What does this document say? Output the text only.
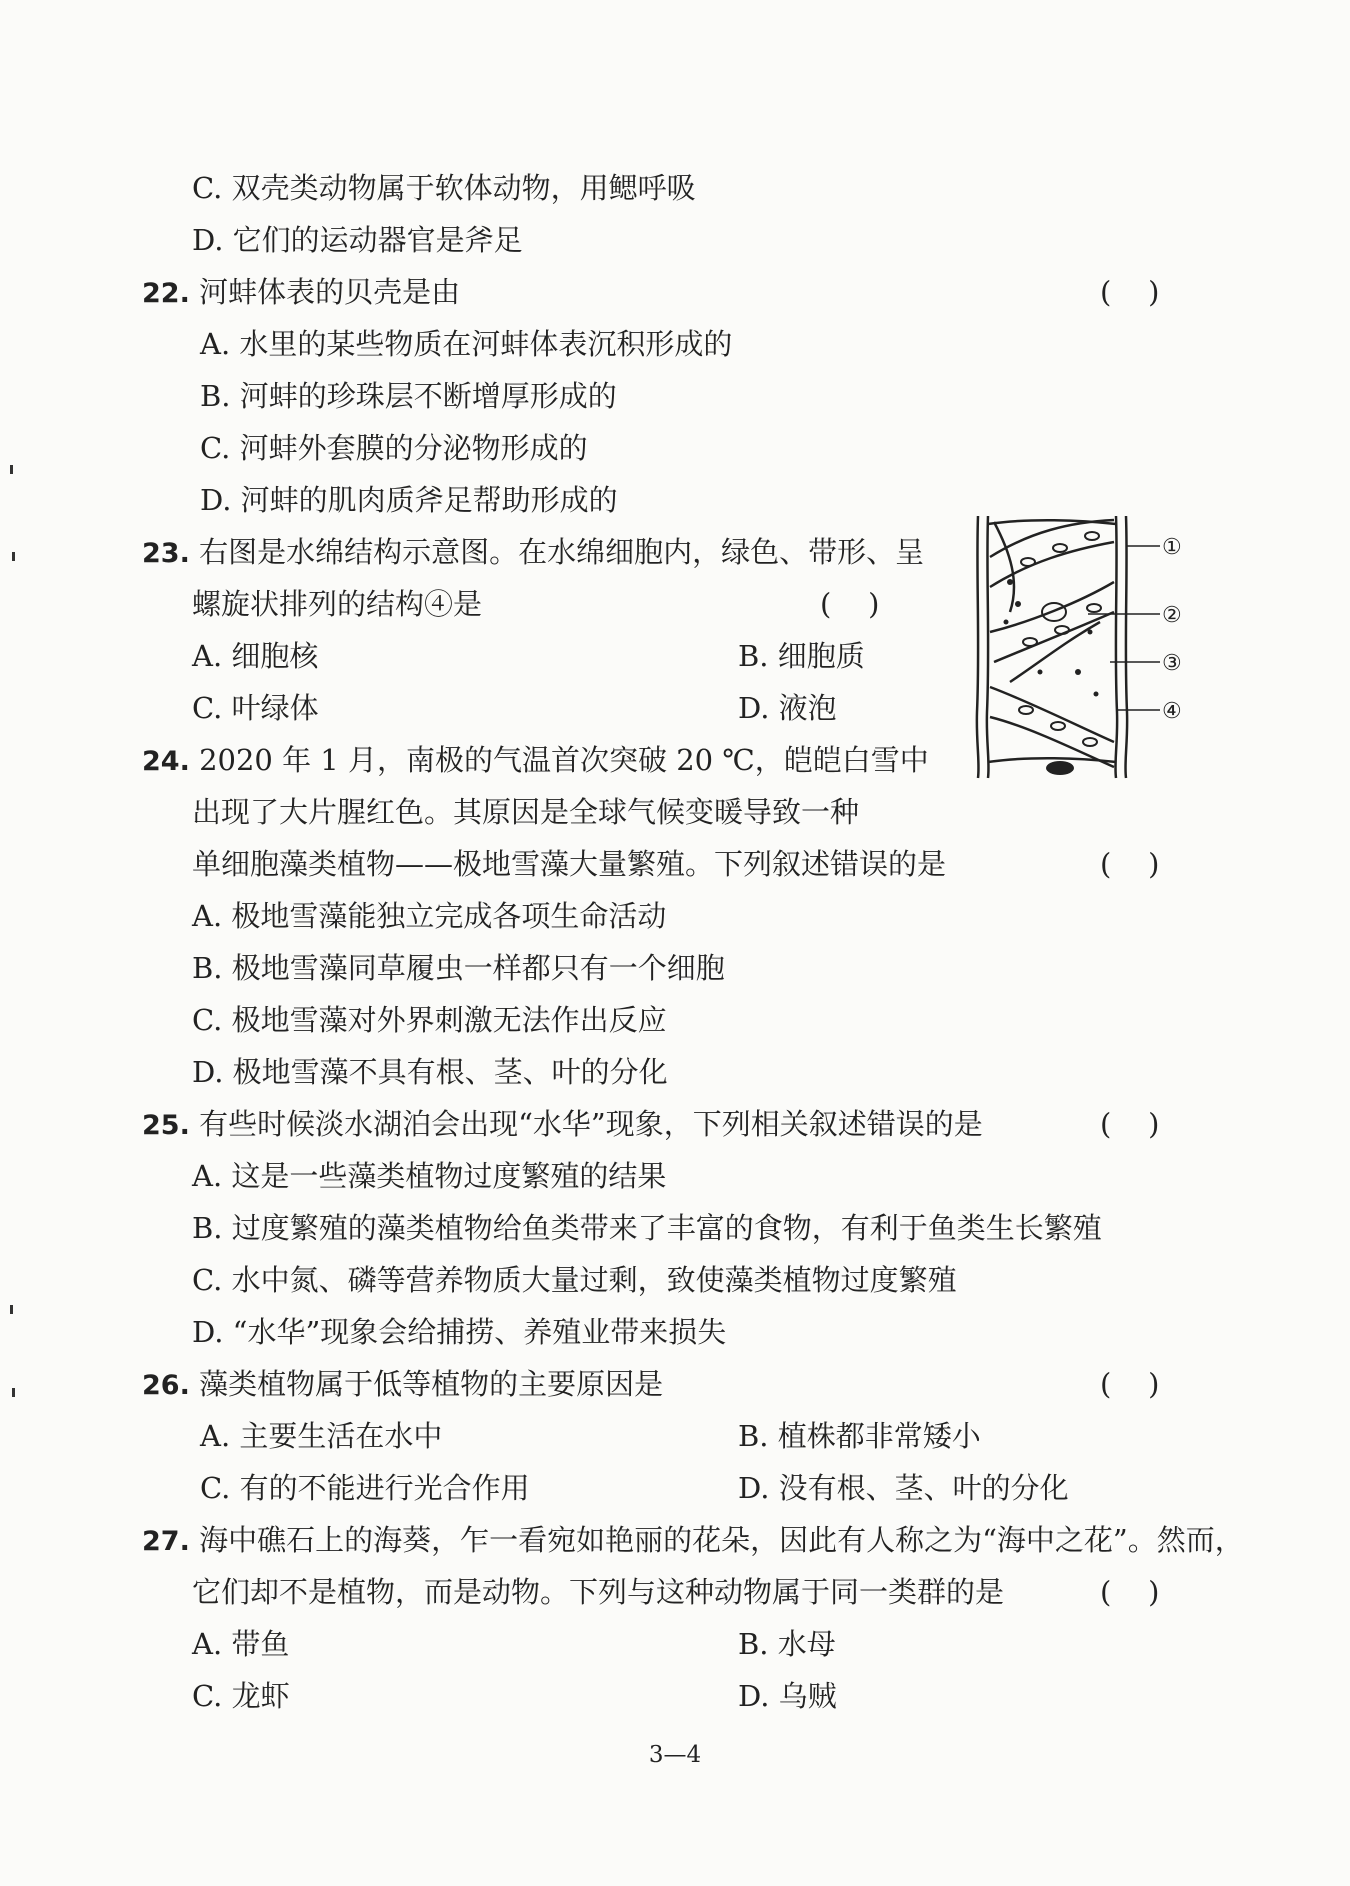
C. 双壳类动物属于软体动物，用鳃呼吸
D. 它们的运动器官是斧足
22. 河蚌体表的贝壳是由	(    )
A. 水里的某些物质在河蚌体表沉积形成的
B. 河蚌的珍珠层不断增厚形成的
C. 河蚌外套膜的分泌物形成的
D. 河蚌的肌肉质斧足帮助形成的
23. 右图是水绵结构示意图。在水绵细胞内，绿色、带形、呈
螺旋状排列的结构④是	(    )
A. 细胞核	B. 细胞质
C. 叶绿体	D. 液泡
①
②
③
④
24. 2020 年 1 月，南极的气温首次突破 20 ℃，皑皑白雪中
出现了大片腥红色。其原因是全球气候变暖导致一种
单细胞藻类植物——极地雪藻大量繁殖。下列叙述错误的是	(    )
A. 极地雪藻能独立完成各项生命活动
B. 极地雪藻同草履虫一样都只有一个细胞
C. 极地雪藻对外界刺激无法作出反应
D. 极地雪藻不具有根、茎、叶的分化
25. 有些时候淡水湖泊会出现“水华”现象，下列相关叙述错误的是	(    )
A. 这是一些藻类植物过度繁殖的结果
B. 过度繁殖的藻类植物给鱼类带来了丰富的食物，有利于鱼类生长繁殖
C. 水中氮、磷等营养物质大量过剩，致使藻类植物过度繁殖
D. “水华”现象会给捕捞、养殖业带来损失
26. 藻类植物属于低等植物的主要原因是	(    )
A. 主要生活在水中	B. 植株都非常矮小
C. 有的不能进行光合作用	D. 没有根、茎、叶的分化
27. 海中礁石上的海葵，乍一看宛如艳丽的花朵，因此有人称之为“海中之花”。然而，
它们却不是植物，而是动物。下列与这种动物属于同一类群的是	(    )
A. 带鱼	B. 水母
C. 龙虾	D. 乌贼
3—4
